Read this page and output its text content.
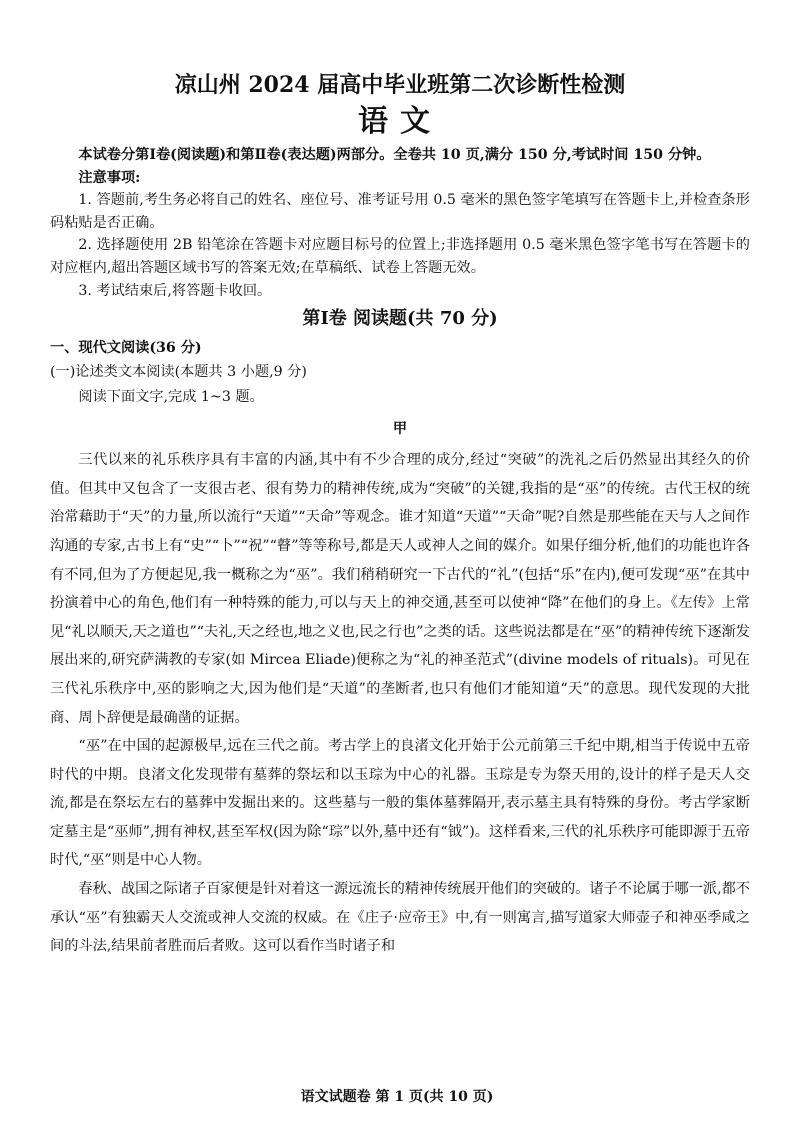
凉山州 2024 届高中毕业班第二次诊断性检测
语文

本试卷分第Ⅰ卷(阅读题)和第Ⅱ卷(表达题)两部分。全卷共 10 页,满分 150 分,考试时间 150 分钟。

注意事项:

1. 答题前,考生务必将自己的姓名、座位号、准考证号用 0.5 毫米的黑色签字笔填写在答题卡上,并检查条形码粘贴是否正确。

2. 选择题使用 2B 铅笔涂在答题卡对应题目标号的位置上;非选择题用 0.5 毫米黑色签字笔书写在答题卡的对应框内,超出答题区域书写的答案无效;在草稿纸、试卷上答题无效。

3. 考试结束后,将答题卡收回。

第Ⅰ卷 阅读题(共 70 分)

一、现代文阅读(36 分)

(一)论述类文本阅读(本题共 3 小题,9 分)

阅读下面文字,完成 1~3 题。

甲

三代以来的礼乐秩序具有丰富的内涵,其中有不少合理的成分,经过“突破”的洗礼之后仍然显出其经久的价值。但其中又包含了一支很古老、很有势力的精神传统,成为“突破”的关键,我指的是“巫”的传统。古代王权的统治常藉助于“天”的力量,所以流行“天道”“天命”等观念。谁才知道“天道”“天命”呢?自然是那些能在天与人之间作沟通的专家,古书上有“史”“卜”“祝”“瞽”等等称号,都是天人或神人之间的媒介。如果仔细分析,他们的功能也许各有不同,但为了方便起见,我一概称之为“巫”。我们稍稍研究一下古代的“礼”(包括“乐”在内),便可发现“巫”在其中扮演着中心的角色,他们有一种特殊的能力,可以与天上的神交通,甚至可以使神“降”在他们的身上。《左传》上常见“礼以顺天,天之道也”“夫礼,天之经也,地之义也,民之行也”之类的话。这些说法都是在“巫”的精神传统下逐渐发展出来的,研究萨满教的专家(如 Mircea Eliade)便称之为“礼的神圣范式”(divine models of rituals)。可见在三代礼乐秩序中,巫的影响之大,因为他们是“天道”的垄断者,也只有他们才能知道“天”的意思。现代发现的大批商、周卜辞便是最确凿的证据。

“巫”在中国的起源极早,远在三代之前。考古学上的良渚文化开始于公元前第三千纪中期,相当于传说中五帝时代的中期。良渚文化发现带有墓葬的祭坛和以玉琮为中心的礼器。玉琮是专为祭天用的,设计的样子是天人交流,都是在祭坛左右的墓葬中发掘出来的。这些墓与一般的集体墓葬隔开,表示墓主具有特殊的身份。考古学家断定墓主是“巫师”,拥有神权,甚至军权(因为除“琮”以外,墓中还有“钺”)。这样看来,三代的礼乐秩序可能即源于五帝时代,“巫”则是中心人物。

春秋、战国之际诸子百家便是针对着这一源远流长的精神传统展开他们的突破的。诸子不论属于哪一派,都不承认“巫”有独霸天人交流或神人交流的权威。在《庄子·应帝王》中,有一则寓言,描写道家大师壶子和神巫季咸之间的斗法,结果前者胜而后者败。这可以看作当时诸子和

语文试题卷 第 1 页(共 10 页)
